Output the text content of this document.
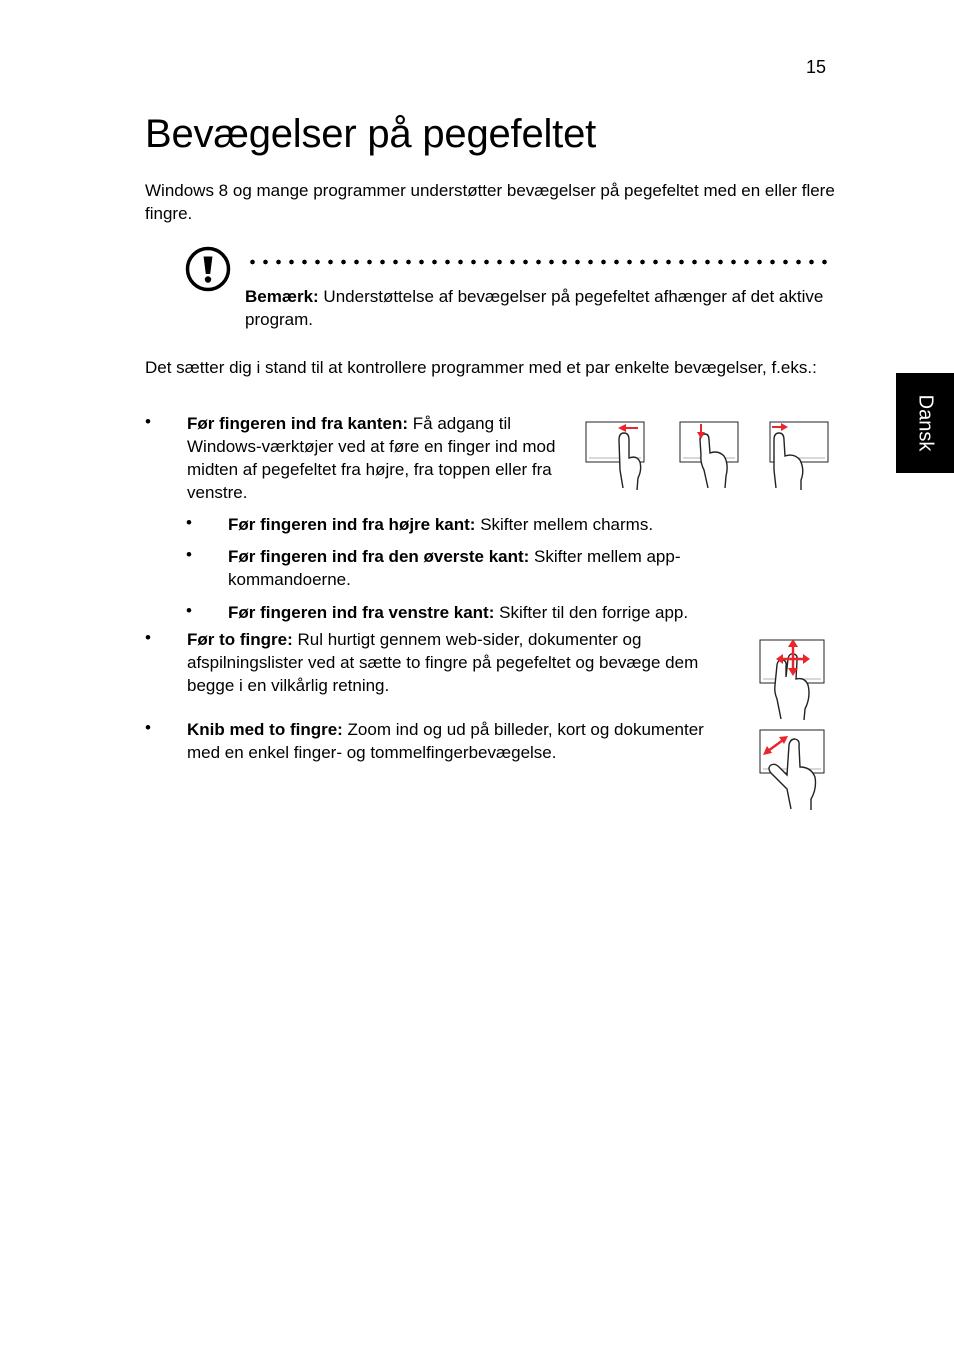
15
Bevægelser på pegefeltet
Windows 8 og mange programmer understøtter bevægelser på pegefeltet med en eller flere fingre.
Bemærk: Understøttelse af bevægelser på pegefeltet afhænger af det aktive program.
Det sætter dig i stand til at kontrollere programmer med et par enkelte bevægelser, f.eks.:
Dansk
• Før fingeren ind fra kanten: Få adgang til Windows-værktøjer ved at føre en finger ind mod midten af pegefeltet fra højre, fra toppen eller fra venstre.
• Før fingeren ind fra højre kant: Skifter mellem charms.
• Før fingeren ind fra den øverste kant: Skifter mellem app-kommandoerne.
• Før fingeren ind fra venstre kant: Skifter til den forrige app.
• Før to fingre: Rul hurtigt gennem web-sider, dokumenter og afspilningslister ved at sætte to fingre på pegefeltet og bevæge dem begge i en vilkårlig retning.
• Knib med to fingre: Zoom ind og ud på billeder, kort og dokumenter med en enkel finger- og tommelfingerbevægelse.
